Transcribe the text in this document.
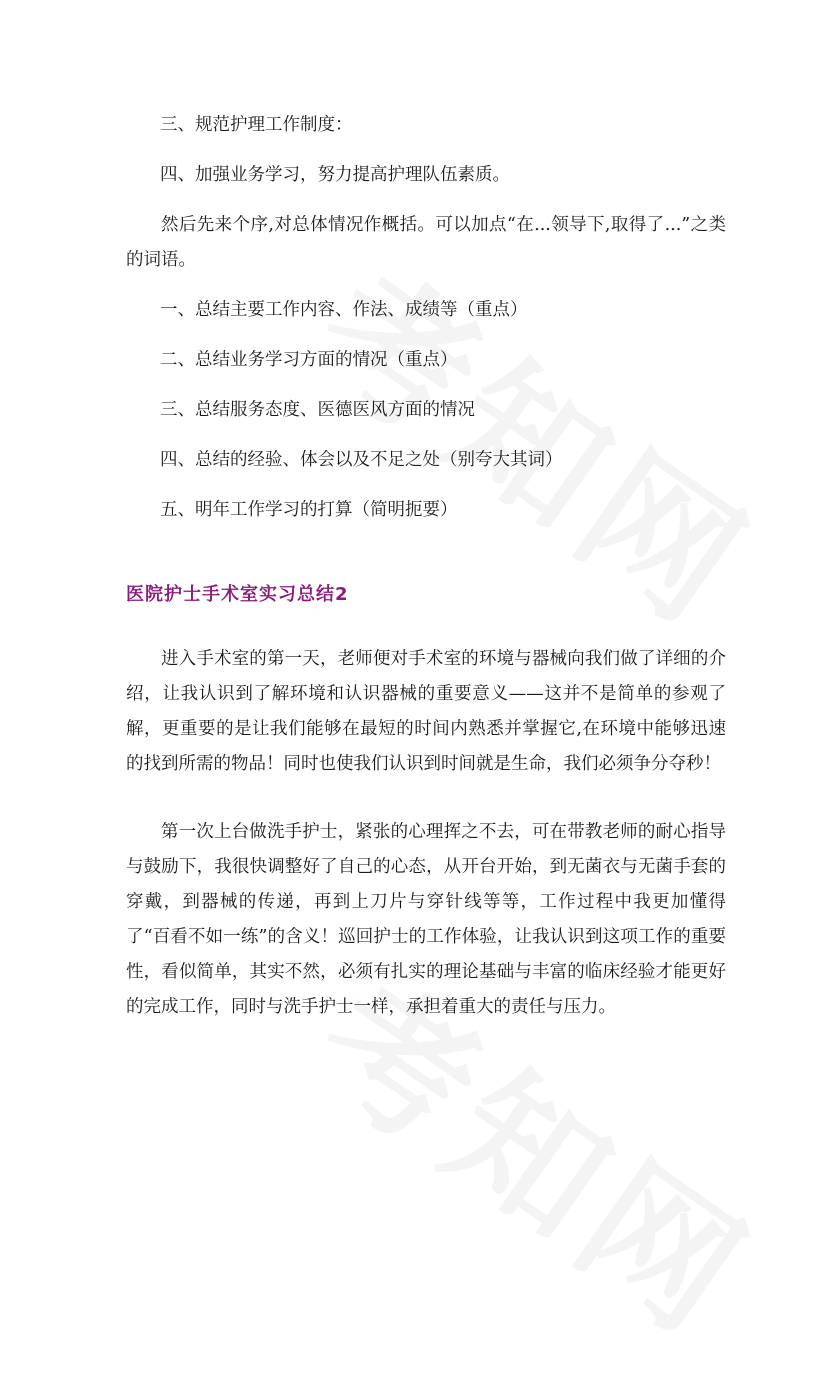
三、规范护理工作制度：
四、加强业务学习，努力提高护理队伍素质。
然后先来个序,对总体情况作概括。可以加点“在...领导下,取得了...”之类的词语。
一、总结主要工作内容、作法、成绩等（重点）
二、总结业务学习方面的情况（重点）
三、总结服务态度、医德医风方面的情况
四、总结的经验、体会以及不足之处（别夸大其词）
五、明年工作学习的打算（简明扼要）
医院护士手术室实习总结2
进入手术室的第一天，老师便对手术室的环境与器械向我们做了详细的介绍，让我认识到了解环境和认识器械的重要意义——这并不是简单的参观了解，更重要的是让我们能够在最短的时间内熟悉并掌握它,在环境中能够迅速的找到所需的物品！同时也使我们认识到时间就是生命，我们必须争分夺秒！
第一次上台做洗手护士，紧张的心理挥之不去，可在带教老师的耐心指导与鼓励下，我很快调整好了自己的心态，从开台开始，到无菌衣与无菌手套的穿戴，到器械的传递，再到上刀片与穿针线等等，工作过程中我更加懂得了“百看不如一练”的含义！巡回护士的工作体验，让我认识到这项工作的重要性，看似简单，其实不然，必须有扎实的理论基础与丰富的临床经验才能更好的完成工作，同时与洗手护士一样，承担着重大的责任与压力。
